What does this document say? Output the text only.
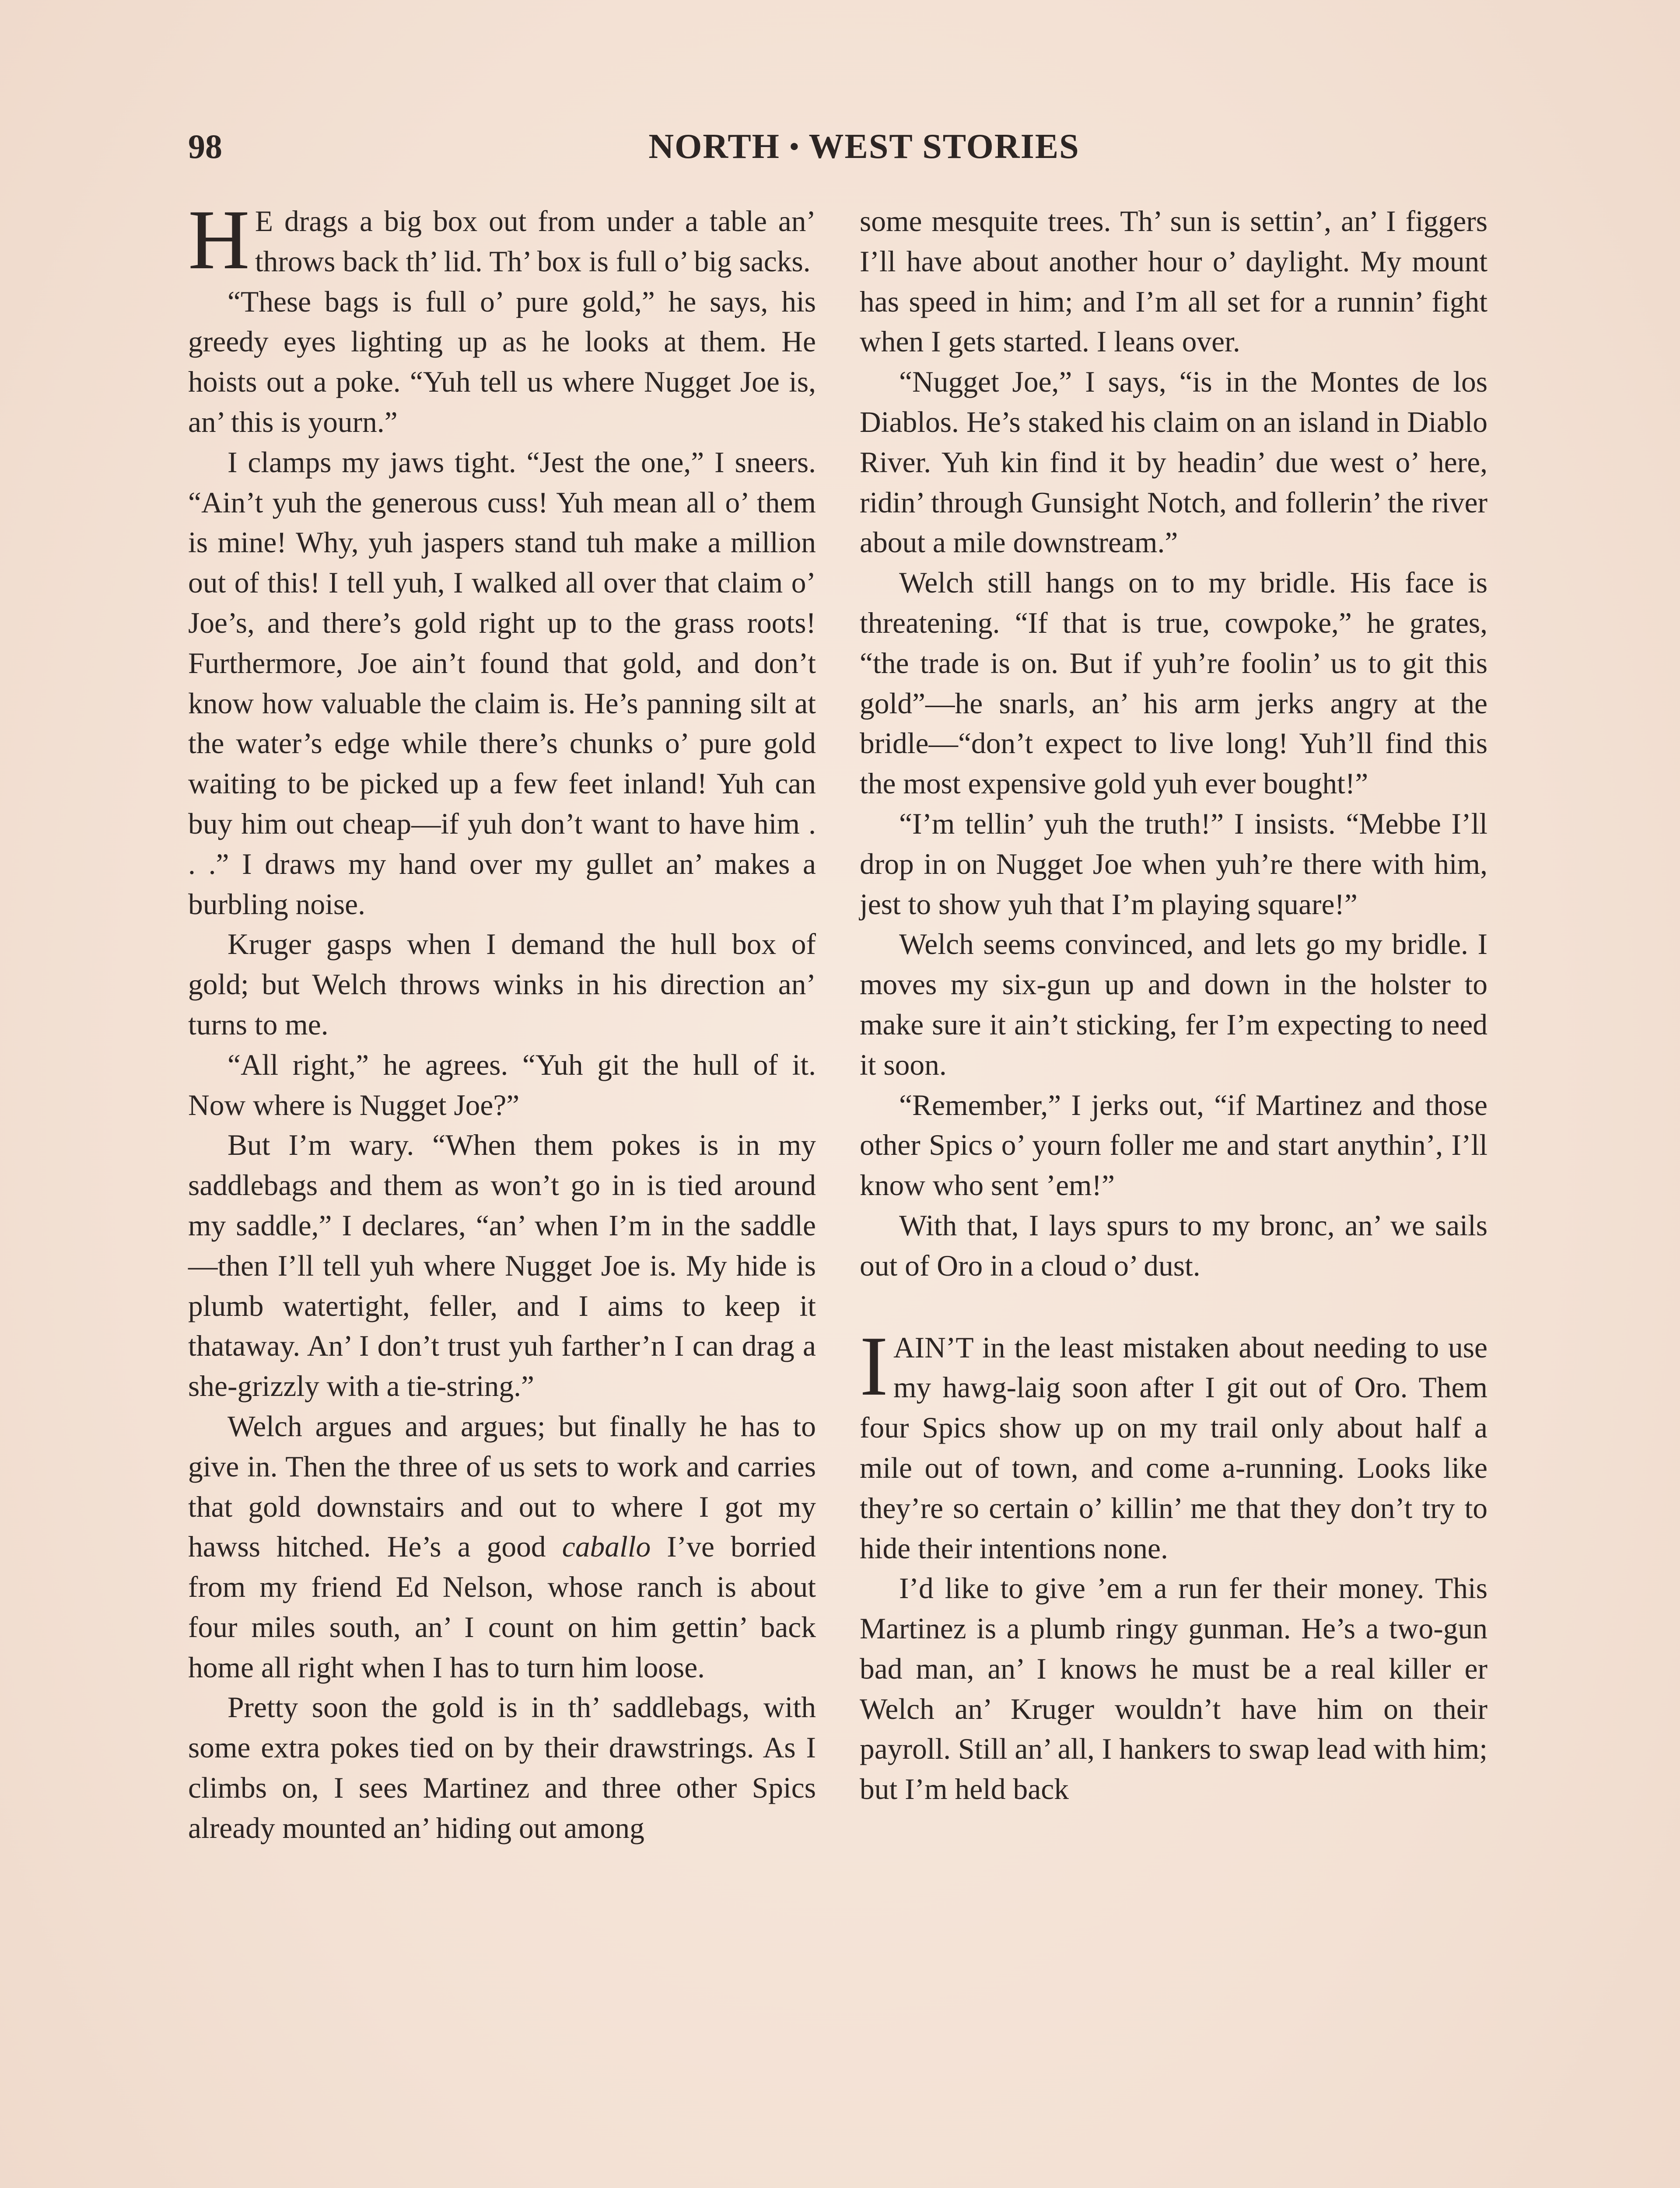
98	NORTH • WEST STORIES

H E drags a big box out from under a table an’ throws back th’ lid. Th’ box is full o’ big sacks.

“These bags is full o’ pure gold,” he says, his greedy eyes lighting up as he looks at them. He hoists out a poke. “Yuh tell us where Nugget Joe is, an’ this is yourn.”

I clamps my jaws tight. “Jest the one,” I sneers. “Ain’t yuh the generous cuss! Yuh mean all o’ them is mine! Why, yuh jaspers stand tuh make a million out of this! I tell yuh, I walked all over that claim o’ Joe’s, and there’s gold right up to the grass roots! Furthermore, Joe ain’t found that gold, and don’t know how valuable the claim is. He’s panning silt at the water’s edge while there’s chunks o’ pure gold waiting to be picked up a few feet inland! Yuh can buy him out cheap—if yuh don’t want to have him . . .” I draws my hand over my gullet an’ makes a burbling noise.

Kruger gasps when I demand the hull box of gold; but Welch throws winks in his direction an’ turns to me.

“All right,” he agrees. “Yuh git the hull of it. Now where is Nugget Joe?”

But I’m wary. “When them pokes is in my saddlebags and them as won’t go in is tied around my saddle,” I declares, “an’ when I’m in the saddle—then I’ll tell yuh where Nugget Joe is. My hide is plumb watertight, feller, and I aims to keep it thataway. An’ I don’t trust yuh farther’n I can drag a she-grizzly with a tie-string.”

Welch argues and argues; but finally he has to give in. Then the three of us sets to work and carries that gold downstairs and out to where I got my hawss hitched. He’s a good caballo I’ve borried from my friend Ed Nelson, whose ranch is about four miles south, an’ I count on him gettin’ back home all right when I has to turn him loose.

Pretty soon the gold is in th’ saddlebags, with some extra pokes tied on by their drawstrings. As I climbs on, I sees Martinez and three other Spics already mounted an’ hiding out among

some mesquite trees. Th’ sun is settin’, an’ I figgers I’ll have about another hour o’ daylight. My mount has speed in him; and I’m all set for a runnin’ fight when I gets started. I leans over.

“Nugget Joe,” I says, “is in the Montes de los Diablos. He’s staked his claim on an island in Diablo River. Yuh kin find it by headin’ due west o’ here, ridin’ through Gunsight Notch, and follerin’ the river about a mile downstream.”

Welch still hangs on to my bridle. His face is threatening. “If that is true, cowpoke,” he grates, “the trade is on. But if yuh’re foolin’ us to git this gold”—he snarls, an’ his arm jerks angry at the bridle—“don’t expect to live long! Yuh’ll find this the most expensive gold yuh ever bought!”

“I’m tellin’ yuh the truth!” I insists. “Mebbe I’ll drop in on Nugget Joe when yuh’re there with him, jest to show yuh that I’m playing square!”

Welch seems convinced, and lets go my bridle. I moves my six-gun up and down in the holster to make sure it ain’t sticking, fer I’m expecting to need it soon.

“Remember,” I jerks out, “if Martinez and those other Spics o’ yourn foller me and start anythin’, I’ll know who sent ’em!”

With that, I lays spurs to my bronc, an’ we sails out of Oro in a cloud o’ dust.

I AIN’T in the least mistaken about needing to use my hawg-laig soon after I git out of Oro. Them four Spics show up on my trail only about half a mile out of town, and come a-running. Looks like they’re so certain o’ killin’ me that they don’t try to hide their intentions none.

I’d like to give ’em a run fer their money. This Martinez is a plumb ringy gunman. He’s a two-gun bad man, an’ I knows he must be a real killer er Welch an’ Kruger wouldn’t have him on their payroll. Still an’ all, I hankers to swap lead with him; but I’m held back
